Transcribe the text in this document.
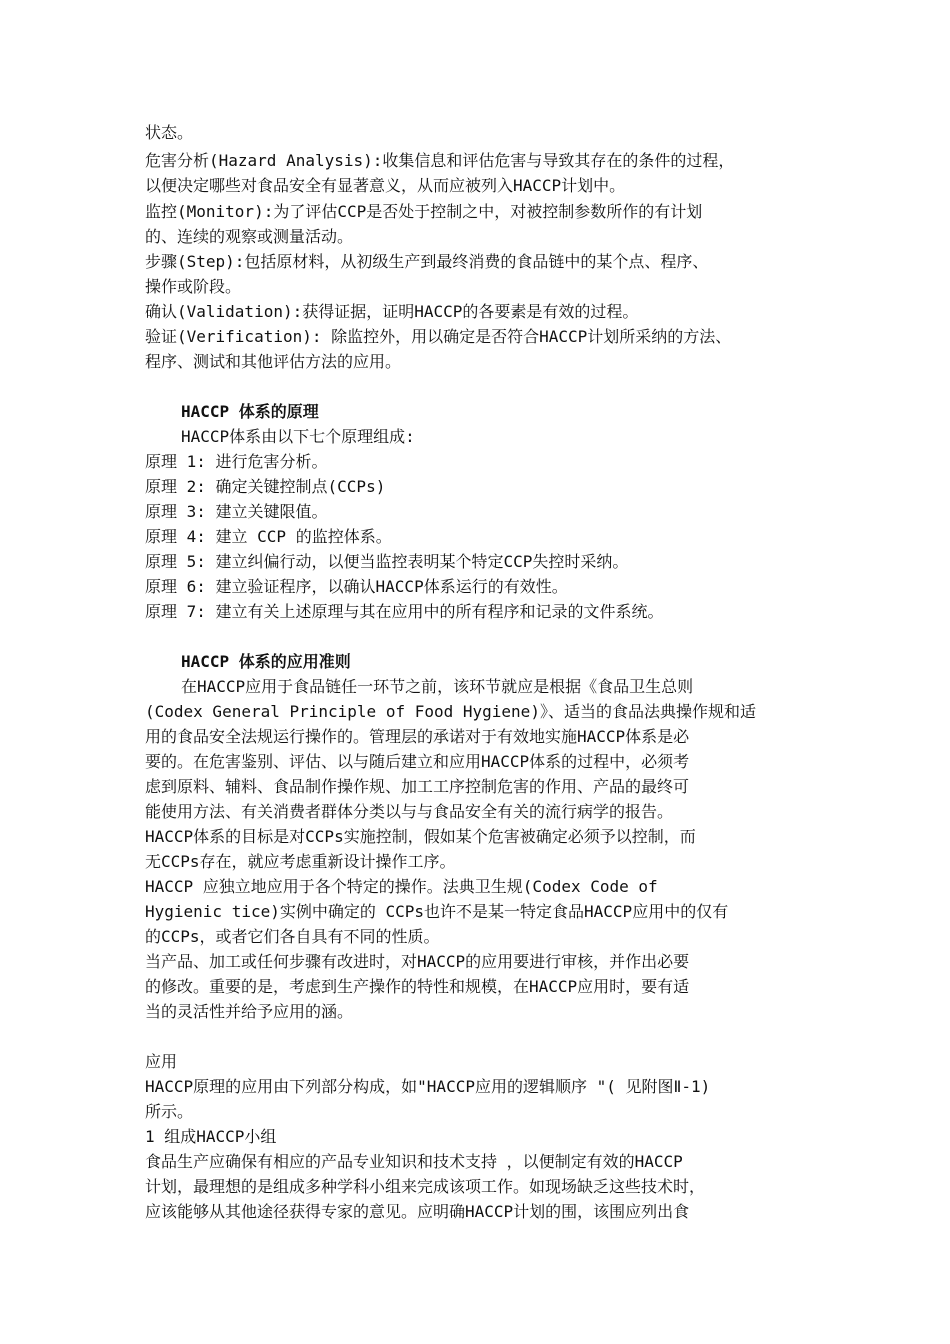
状态。

危害分析(Hazard Analysis):收集信息和评估危害与导致其存在的条件的过程，

以便决定哪些对食品安全有显著意义，从而应被列入HACCP计划中。

监控(Monitor):为了评估CCP是否处于控制之中，对被控制参数所作的有计划

的、连续的观察或测量活动。

步骤(Step):包括原材料，从初级生产到最终消费的食品链中的某个点、程序、

操作或阶段。

确认(Validation):获得证据，证明HACCP的各要素是有效的过程。

验证(Verification): 除监控外，用以确定是否符合HACCP计划所采纳的方法、

程序、测试和其他评估方法的应用。

HACCP 体系的原理

HACCP体系由以下七个原理组成:

原理 1: 进行危害分析。

原理 2: 确定关键控制点(CCPs)

原理 3: 建立关键限值。

原理 4: 建立 CCP 的监控体系。

原理 5: 建立纠偏行动，以便当监控表明某个特定CCP失控时采纳。

原理 6: 建立验证程序，以确认HACCP体系运行的有效性。

原理 7: 建立有关上述原理与其在应用中的所有程序和记录的文件系统。

HACCP 体系的应用准则

在HACCP应用于食品链任一环节之前，该环节就应是根据《食品卫生总则

(Codex General Principle of Food Hygiene)》、适当的食品法典操作规和适

用的食品安全法规运行操作的。管理层的承诺对于有效地实施HACCP体系是必

要的。在危害鉴别、评估、以与随后建立和应用HACCP体系的过程中，必须考

虑到原料、辅料、食品制作操作规、加工工序控制危害的作用、产品的最终可

能使用方法、有关消费者群体分类以与与食品安全有关的流行病学的报告。

HACCP体系的目标是对CCPs实施控制，假如某个危害被确定必须予以控制，而

无CCPs存在，就应考虑重新设计操作工序。

HACCP 应独立地应用于各个特定的操作。法典卫生规(Codex Code of

Hygienic tice)实例中确定的 CCPs也许不是某一特定食品HACCP应用中的仅有

的CCPs，或者它们各自具有不同的性质。

当产品、加工或任何步骤有改进时，对HACCP的应用要进行审核，并作出必要

的修改。重要的是，考虑到生产操作的特性和规模，在HACCP应用时，要有适

当的灵活性并给予应用的涵。

应用

HACCP原理的应用由下列部分构成，如"HACCP应用的逻辑顺序 "( 见附图Ⅱ-1)

所示。

1 组成HACCP小组

食品生产应确保有相应的产品专业知识和技术支持 ，以便制定有效的HACCP

计划，最理想的是组成多种学科小组来完成该项工作。如现场缺乏这些技术时，

应该能够从其他途径获得专家的意见。应明确HACCP计划的围，该围应列出食
